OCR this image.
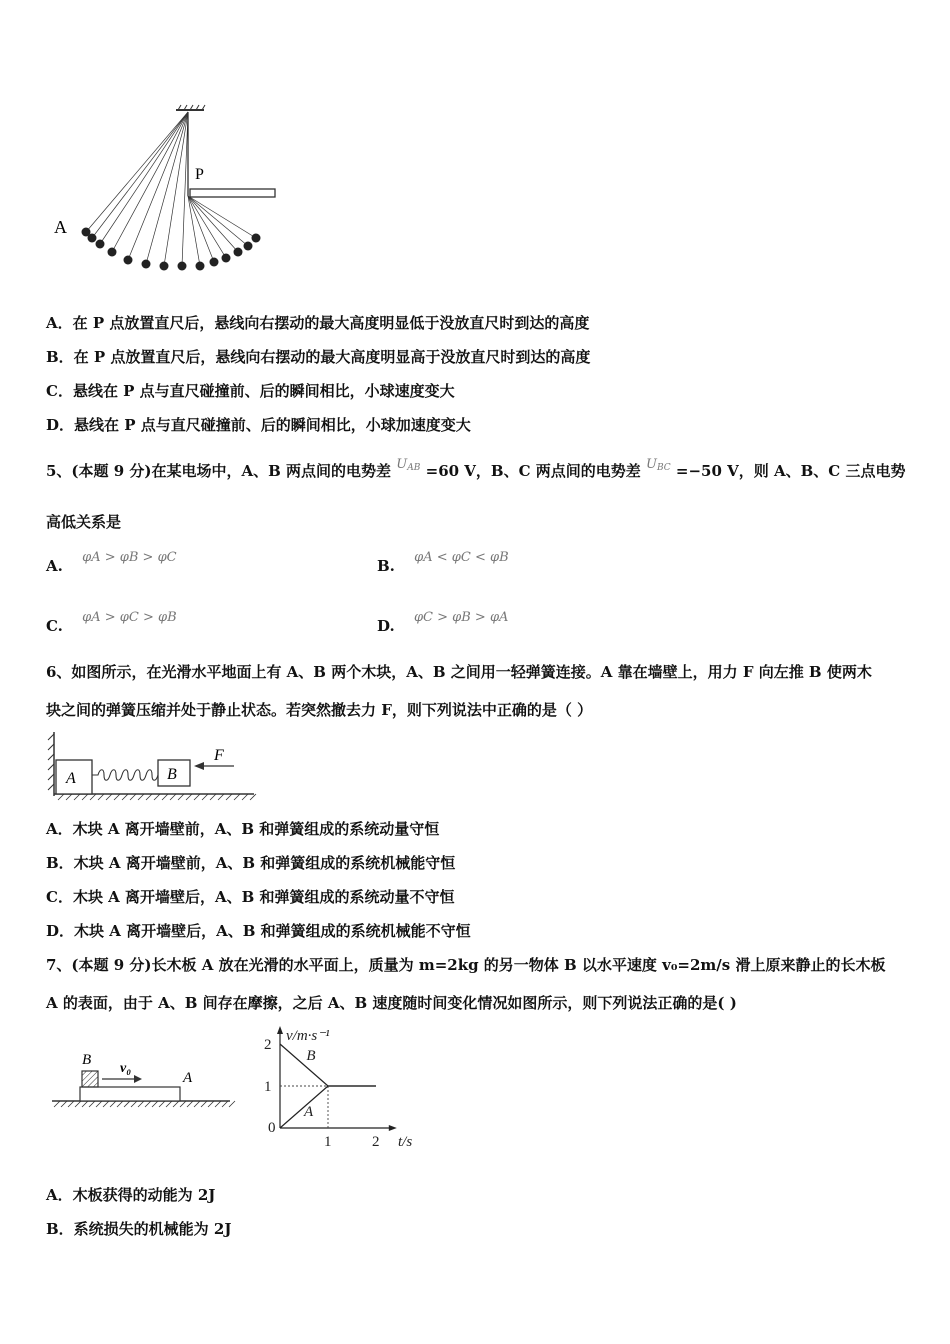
A
P
A．在 P 点放置直尺后，悬线向右摆动的最大高度明显低于没放直尺时到达的高度
B．在 P 点放置直尺后，悬线向右摆动的最大高度明显高于没放直尺时到达的高度
C．悬线在 P 点与直尺碰撞前、后的瞬间相比，小球速度变大
D．悬线在 P 点与直尺碰撞前、后的瞬间相比，小球加速度变大
5、(本题 9 分)在某电场中，A、B 两点间的电势差 $U_{AB} =60$ V，B、C 两点间的电势差 $U_{BC} =-50$ V，则 A、B、C 三点电势
高低关系是
A. φA > φB > φC	B. φA < φC < φB
C. φA > φC > φB	D. φC > φB > φA
6、如图所示，在光滑水平地面上有 A、B 两个木块，A、B 之间用一轻弹簧连接。A 靠在墙壁上，用力 F 向左推 B 使两木
块之间的弹簧压缩并处于静止状态。若突然撤去力 F，则下列说法中正确的是（ ）
A	B
F
A．木块 A 离开墙壁前，A、B 和弹簧组成的系统动量守恒
B．木块 A 离开墙壁前，A、B 和弹簧组成的系统机械能守恒
C．木块 A 离开墙壁后，A、B 和弹簧组成的系统动量不守恒
D．木块 A 离开墙壁后，A、B 和弹簧组成的系统机械能不守恒
7、(本题 9 分)长木板 A 放在光滑的水平面上，质量为 m=2kg 的另一物体 B 以水平速度 v₀=2m/s 滑上原来静止的长木板
A 的表面，由于 A、B 间存在摩擦，之后 A、B 速度随时间变化情况如图所示，则下列说法正确的是( )
B
v₀
A
0
1	2
1
2
v/m·s⁻¹
t/s
B
A
A．木板获得的动能为 2J
B．系统损失的机械能为 2J
